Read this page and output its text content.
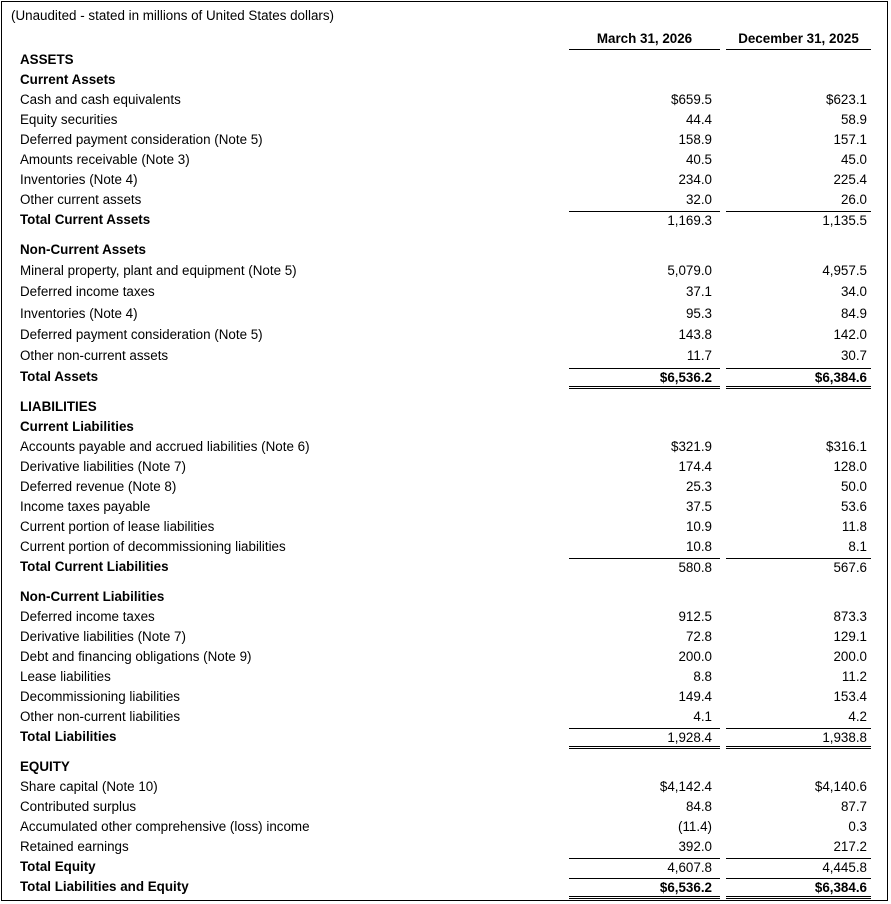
(Unaudited - stated in millions of United States dollars)
March 31, 2026	December 31, 2025
ASSETS
Current Assets
Cash and cash equivalents	$659.5	$623.1
Equity securities	44.4	58.9
Deferred payment consideration (Note 5)	158.9	157.1
Amounts receivable (Note 3)	40.5	45.0
Inventories (Note 4)	234.0	225.4
Other current assets	32.0	26.0
Total Current Assets	1,169.3	1,135.5
Non-Current Assets
Mineral property, plant and equipment (Note 5)	5,079.0	4,957.5
Deferred income taxes	37.1	34.0
Inventories (Note 4)	95.3	84.9
Deferred payment consideration (Note 5)	143.8	142.0
Other non-current assets	11.7	30.7
Total Assets	$6,536.2	$6,384.6
LIABILITIES
Current Liabilities
Accounts payable and accrued liabilities (Note 6)	$321.9	$316.1
Derivative liabilities (Note 7)	174.4	128.0
Deferred revenue (Note 8)	25.3	50.0
Income taxes payable	37.5	53.6
Current portion of lease liabilities	10.9	11.8
Current portion of decommissioning liabilities	10.8	8.1
Total Current Liabilities	580.8	567.6
Non-Current Liabilities
Deferred income taxes	912.5	873.3
Derivative liabilities (Note 7)	72.8	129.1
Debt and financing obligations (Note 9)	200.0	200.0
Lease liabilities	8.8	11.2
Decommissioning liabilities	149.4	153.4
Other non-current liabilities	4.1	4.2
Total Liabilities	1,928.4	1,938.8
EQUITY
Share capital (Note 10)	$4,142.4	$4,140.6
Contributed surplus	84.8	87.7
Accumulated other comprehensive (loss) income	(11.4)	0.3
Retained earnings	392.0	217.2
Total Equity	4,607.8	4,445.8
Total Liabilities and Equity	$6,536.2	$6,384.6
